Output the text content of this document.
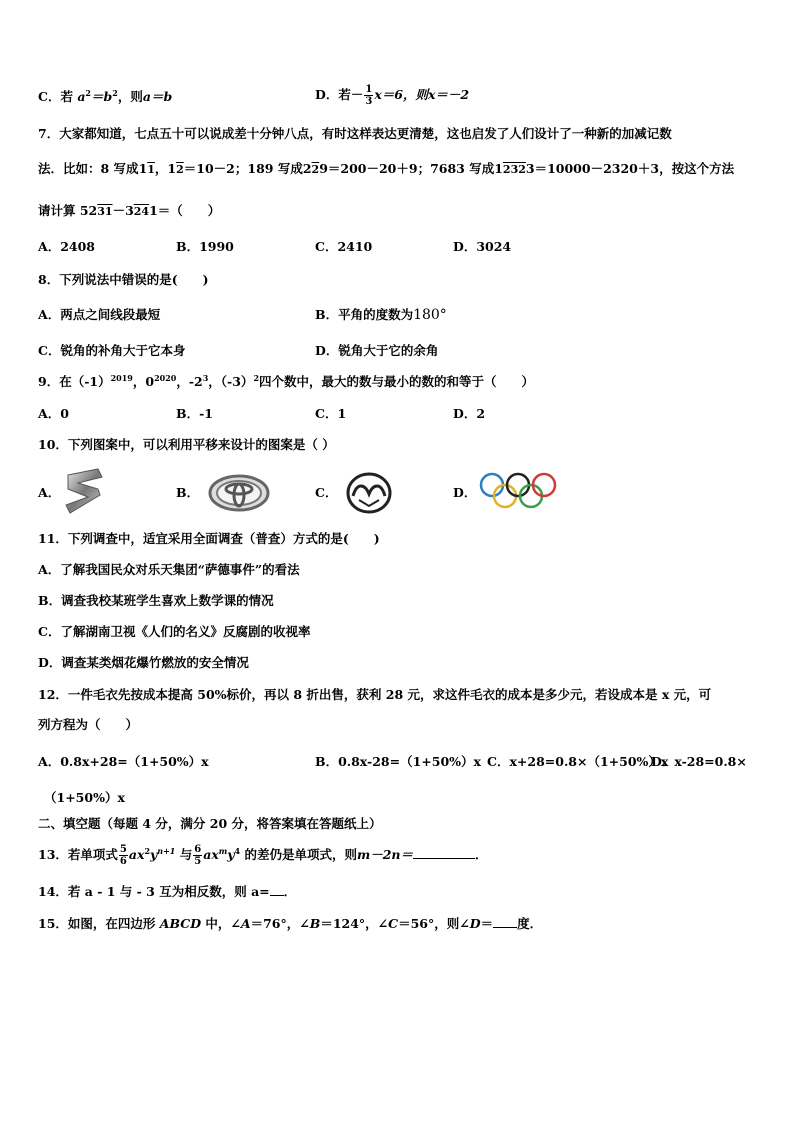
C．若 $a^2=b^2$，则a＝b	D．若－ $\frac{1}{3} x=6$，则x＝－2
7．大家都知道，七点五十可以说成差十分钟八点，有时这样表达更清楚，这也启发了人们设计了一种新的加减记数
法．比如：8 写成11，12＝10－2；189 写成229＝200－20＋9；7683 写成12323＝10000－2320＋3，按这个方法
请计算 5231－3241＝（　　）
A．2408	B．1990	C．2410	D．3024
8．下列说法中错误的是(　　)
A．两点之间线段最短	B．平角的度数为180°
C．锐角的补角大于它本身	D．锐角大于它的余角
9．在$(-1)^{2019}$，$0^{2020}$，$-2^3$，$(-3)^2$四个数中，最大的数与最小的数的和等于（　　）
A．0	B．-1	C．1	D．2
10．下列图案中，可以利用平移来设计的图案是（ ）
A．	B．	C．	D．
11．下列调查中，适宜采用全面调查（普查）方式的是(　　)
A．了解我国民众对乐天集团“萨德事件”的看法
B．调查我校某班学生喜欢上数学课的情况
C．了解湖南卫视《人们的名义》反腐剧的收视率
D．调查某类烟花爆竹燃放的安全情况
12．一件毛衣先按成本提高 50%标价，再以 8 折出售，获利 28 元，求这件毛衣的成本是多少元，若设成本是 x 元，可
列方程为（　　）
A．0.8x+28=（1+50%）x	B．0.8x-28=（1+50%）x C．x+28=0.8×（1+50%）x
D．x-28=0.8×
（1+50%）x
二、填空题（每题 4 分，满分 20 分，将答案填在答题纸上）
13．若单项式 $\frac{5}{6} ax^2y^{n+1}$ 与 $\frac{6}{5} ax^my^4$ 的差仍是单项式，则m－2n＝	．
14．若 a - 1 与 - 3 互为相反数，则 a= ．
15．如图，在四边形 ABCD 中，∠A＝76°，∠B＝124°，∠C＝56°，则∠D＝ 度．
